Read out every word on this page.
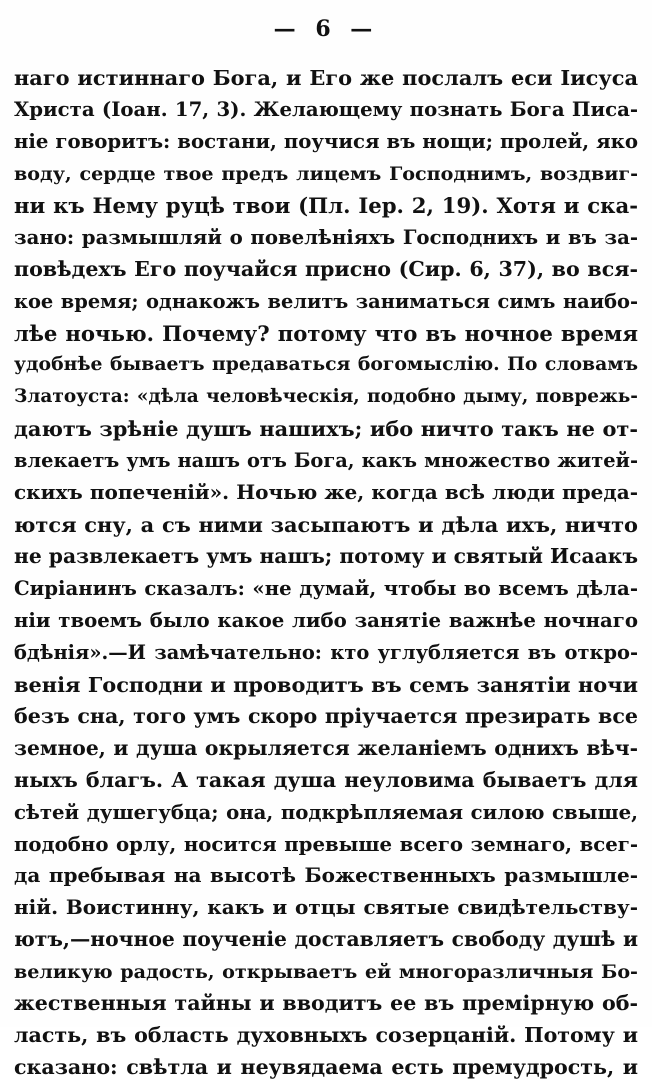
— 6 —
наго истиннаго Бога, и Его же послалъ еси Іисуса
Христа (Іоан. 17, 3). Желающему познать Бога Писа-
ніе говоритъ: востани, поучися въ нощи; пролей, яко
воду, сердце твое предъ лицемъ Господнимъ, воздвиг-
ни къ Нему руцѣ твои (Пл. Іер. 2, 19). Хотя и ска-
зано: размышляй о повелѣніяхъ Господнихъ и въ за-
повѣдехъ Его поучайся присно (Сир. 6, 37), во вся-
кое время; однакожъ велитъ заниматься симъ наибо-
лѣе ночью. Почему? потому что въ ночное время
удобнѣе бываетъ предаваться богомыслію. По словамъ
Златоуста: «дѣла человѣческія, подобно дыму, поврежь-
даютъ зрѣніе душъ нашихъ; ибо ничто такъ не от-
влекаетъ умъ нашъ отъ Бога, какъ множество житей-
скихъ попеченій». Ночью же, когда всѣ люди преда-
ются сну, а съ ними засыпаютъ и дѣла ихъ, ничто
не развлекаетъ умъ нашъ; потому и святый Исаакъ
Сиріанинъ сказалъ: «не думай, чтобы во всемъ дѣла-
ніи твоемъ было какое либо занятіе важнѣе ночнаго
бдѣнія».—И замѣчательно: кто углубляется въ откро-
венія Господни и проводитъ въ семъ занятіи ночи
безъ сна, того умъ скоро пріучается презирать все
земное, и душа окрыляется желаніемъ однихъ вѣч-
ныхъ благъ. А такая душа неуловима бываетъ для
сѣтей душегубца; она, подкрѣпляемая силою свыше,
подобно орлу, носится превыше всего земнаго, всег-
да пребывая на высотѣ Божественныхъ размышле-
ній. Воистинну, какъ и отцы святые свидѣтельству-
ютъ,—ночное поученіе доставляетъ свободу душѣ и
великую радость, открываетъ ей многоразличныя Бо-
жественныя тайны и вводитъ ее въ премірную об-
ласть, въ область духовныхъ созерцаній. Потому и
сказано: свѣтла и неувядаема есть премудрость, и
